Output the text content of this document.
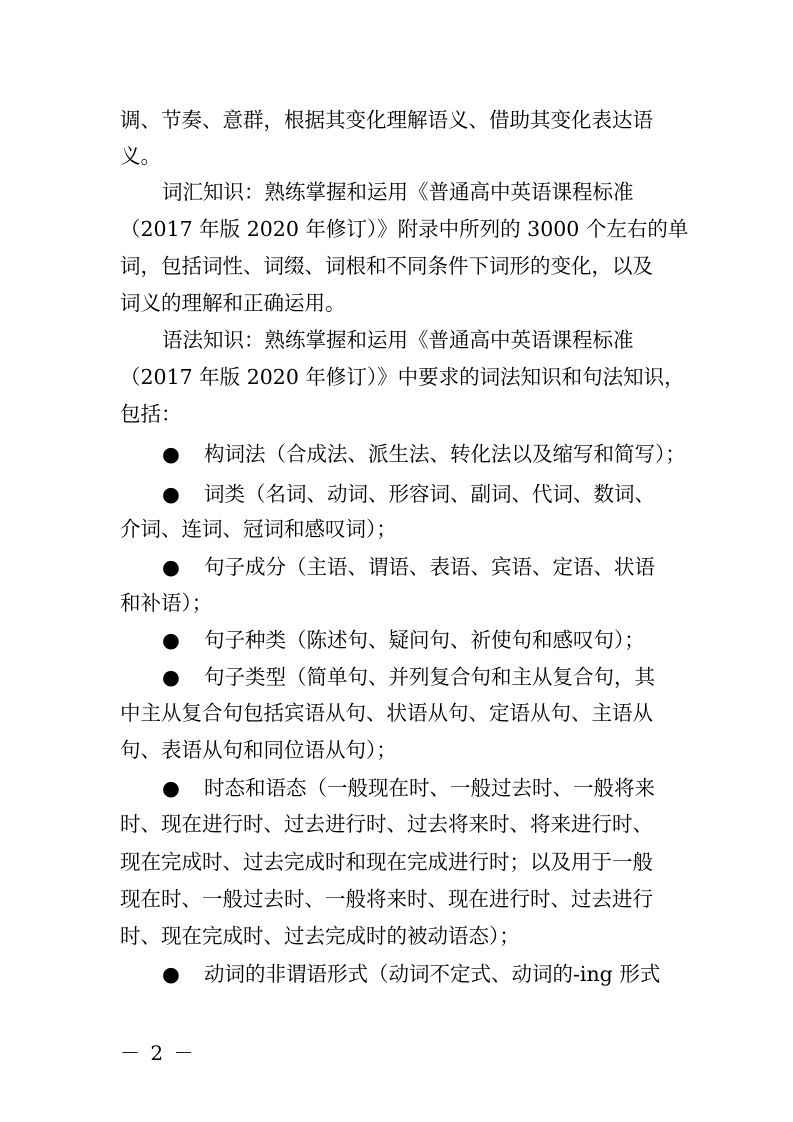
调、节奏、意群，根据其变化理解语义、借助其变化表达语
义。
词汇知识：熟练掌握和运用《普通高中英语课程标准
（2017 年版 2020 年修订）》附录中所列的 3000 个左右的单
词，包括词性、词缀、词根和不同条件下词形的变化，以及
词义的理解和正确运用。
语法知识：熟练掌握和运用《普通高中英语课程标准
（2017 年版 2020 年修订）》中要求的词法知识和句法知识，
包括：
● 构词法（合成法、派生法、转化法以及缩写和简写）；
● 词类（名词、动词、形容词、副词、代词、数词、
介词、连词、冠词和感叹词）；
● 句子成分（主语、谓语、表语、宾语、定语、状语
和补语）；
● 句子种类（陈述句、疑问句、祈使句和感叹句）；
● 句子类型（简单句、并列复合句和主从复合句，其
中主从复合句包括宾语从句、状语从句、定语从句、主语从
句、表语从句和同位语从句）；
● 时态和语态（一般现在时、一般过去时、一般将来
时、现在进行时、过去进行时、过去将来时、将来进行时、
现在完成时、过去完成时和现在完成进行时；以及用于一般
现在时、一般过去时、一般将来时、现在进行时、过去进行
时、现在完成时、过去完成时的被动语态）；
● 动词的非谓语形式（动词不定式、动词的-ing 形式
－ 2 －
